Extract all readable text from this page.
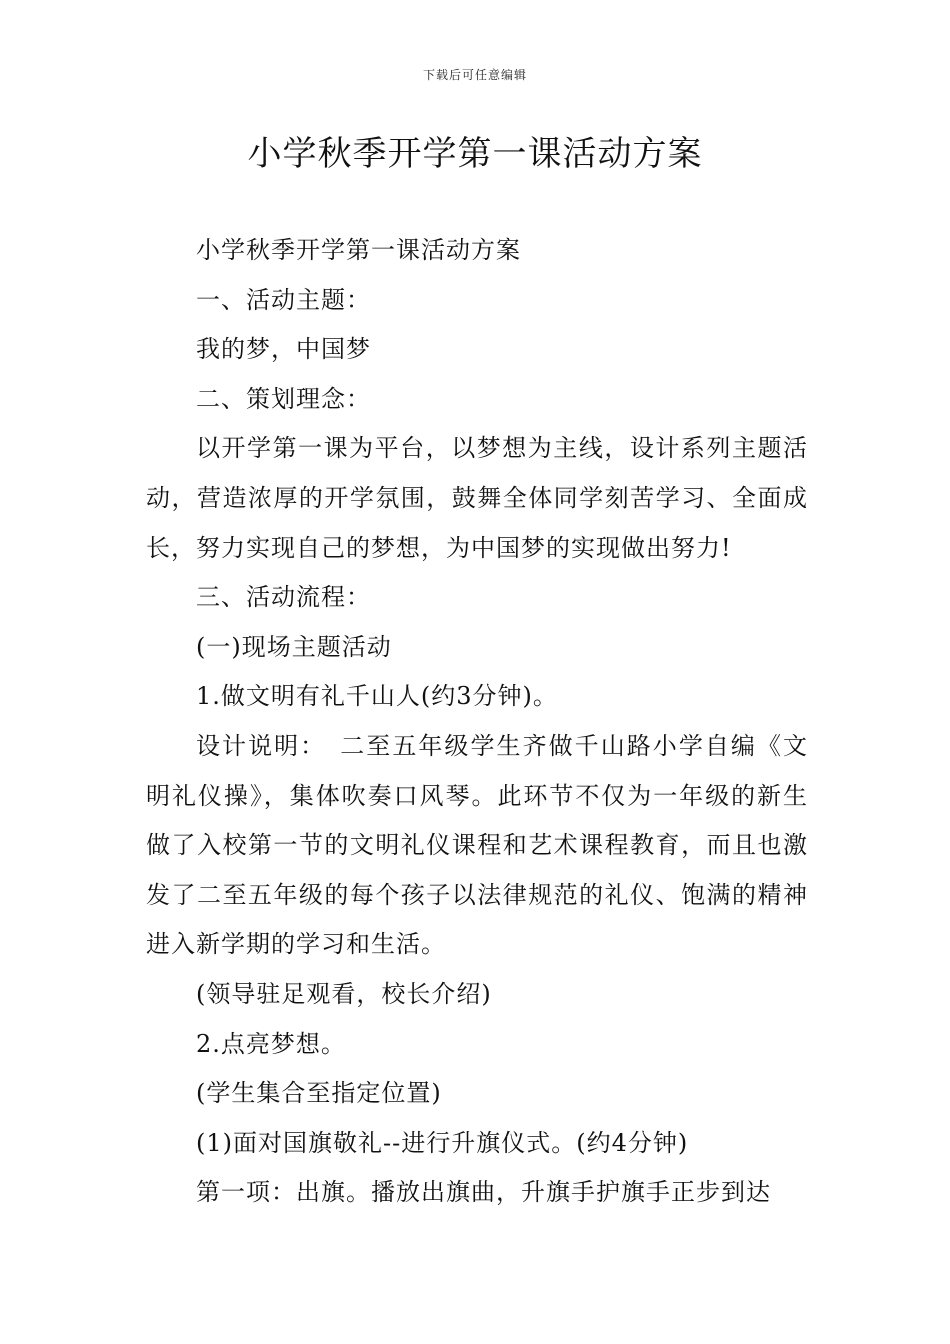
下载后可任意编辑
小学秋季开学第一课活动方案

小学秋季开学第一课活动方案

一、活动主题：

我的梦，中国梦

二、策划理念：

以开学第一课为平台，以梦想为主线，设计系列主题活动，营造浓厚的开学氛围，鼓舞全体同学刻苦学习、全面成长，努力实现自己的梦想，为中国梦的实现做出努力!

三、活动流程：

(一)现场主题活动

1.做文明有礼千山人(约3分钟)。

设计说明：　二至五年级学生齐做千山路小学自编《文明礼仪操》，集体吹奏口风琴。此环节不仅为一年级的新生做了入校第一节的文明礼仪课程和艺术课程教育，而且也激发了二至五年级的每个孩子以法律规范的礼仪、饱满的精神进入新学期的学习和生活。

(领导驻足观看，校长介绍)

2.点亮梦想。

(学生集合至指定位置)

(1)面对国旗敬礼--进行升旗仪式。(约4分钟)

第一项：出旗。播放出旗曲，升旗手护旗手正步到达
